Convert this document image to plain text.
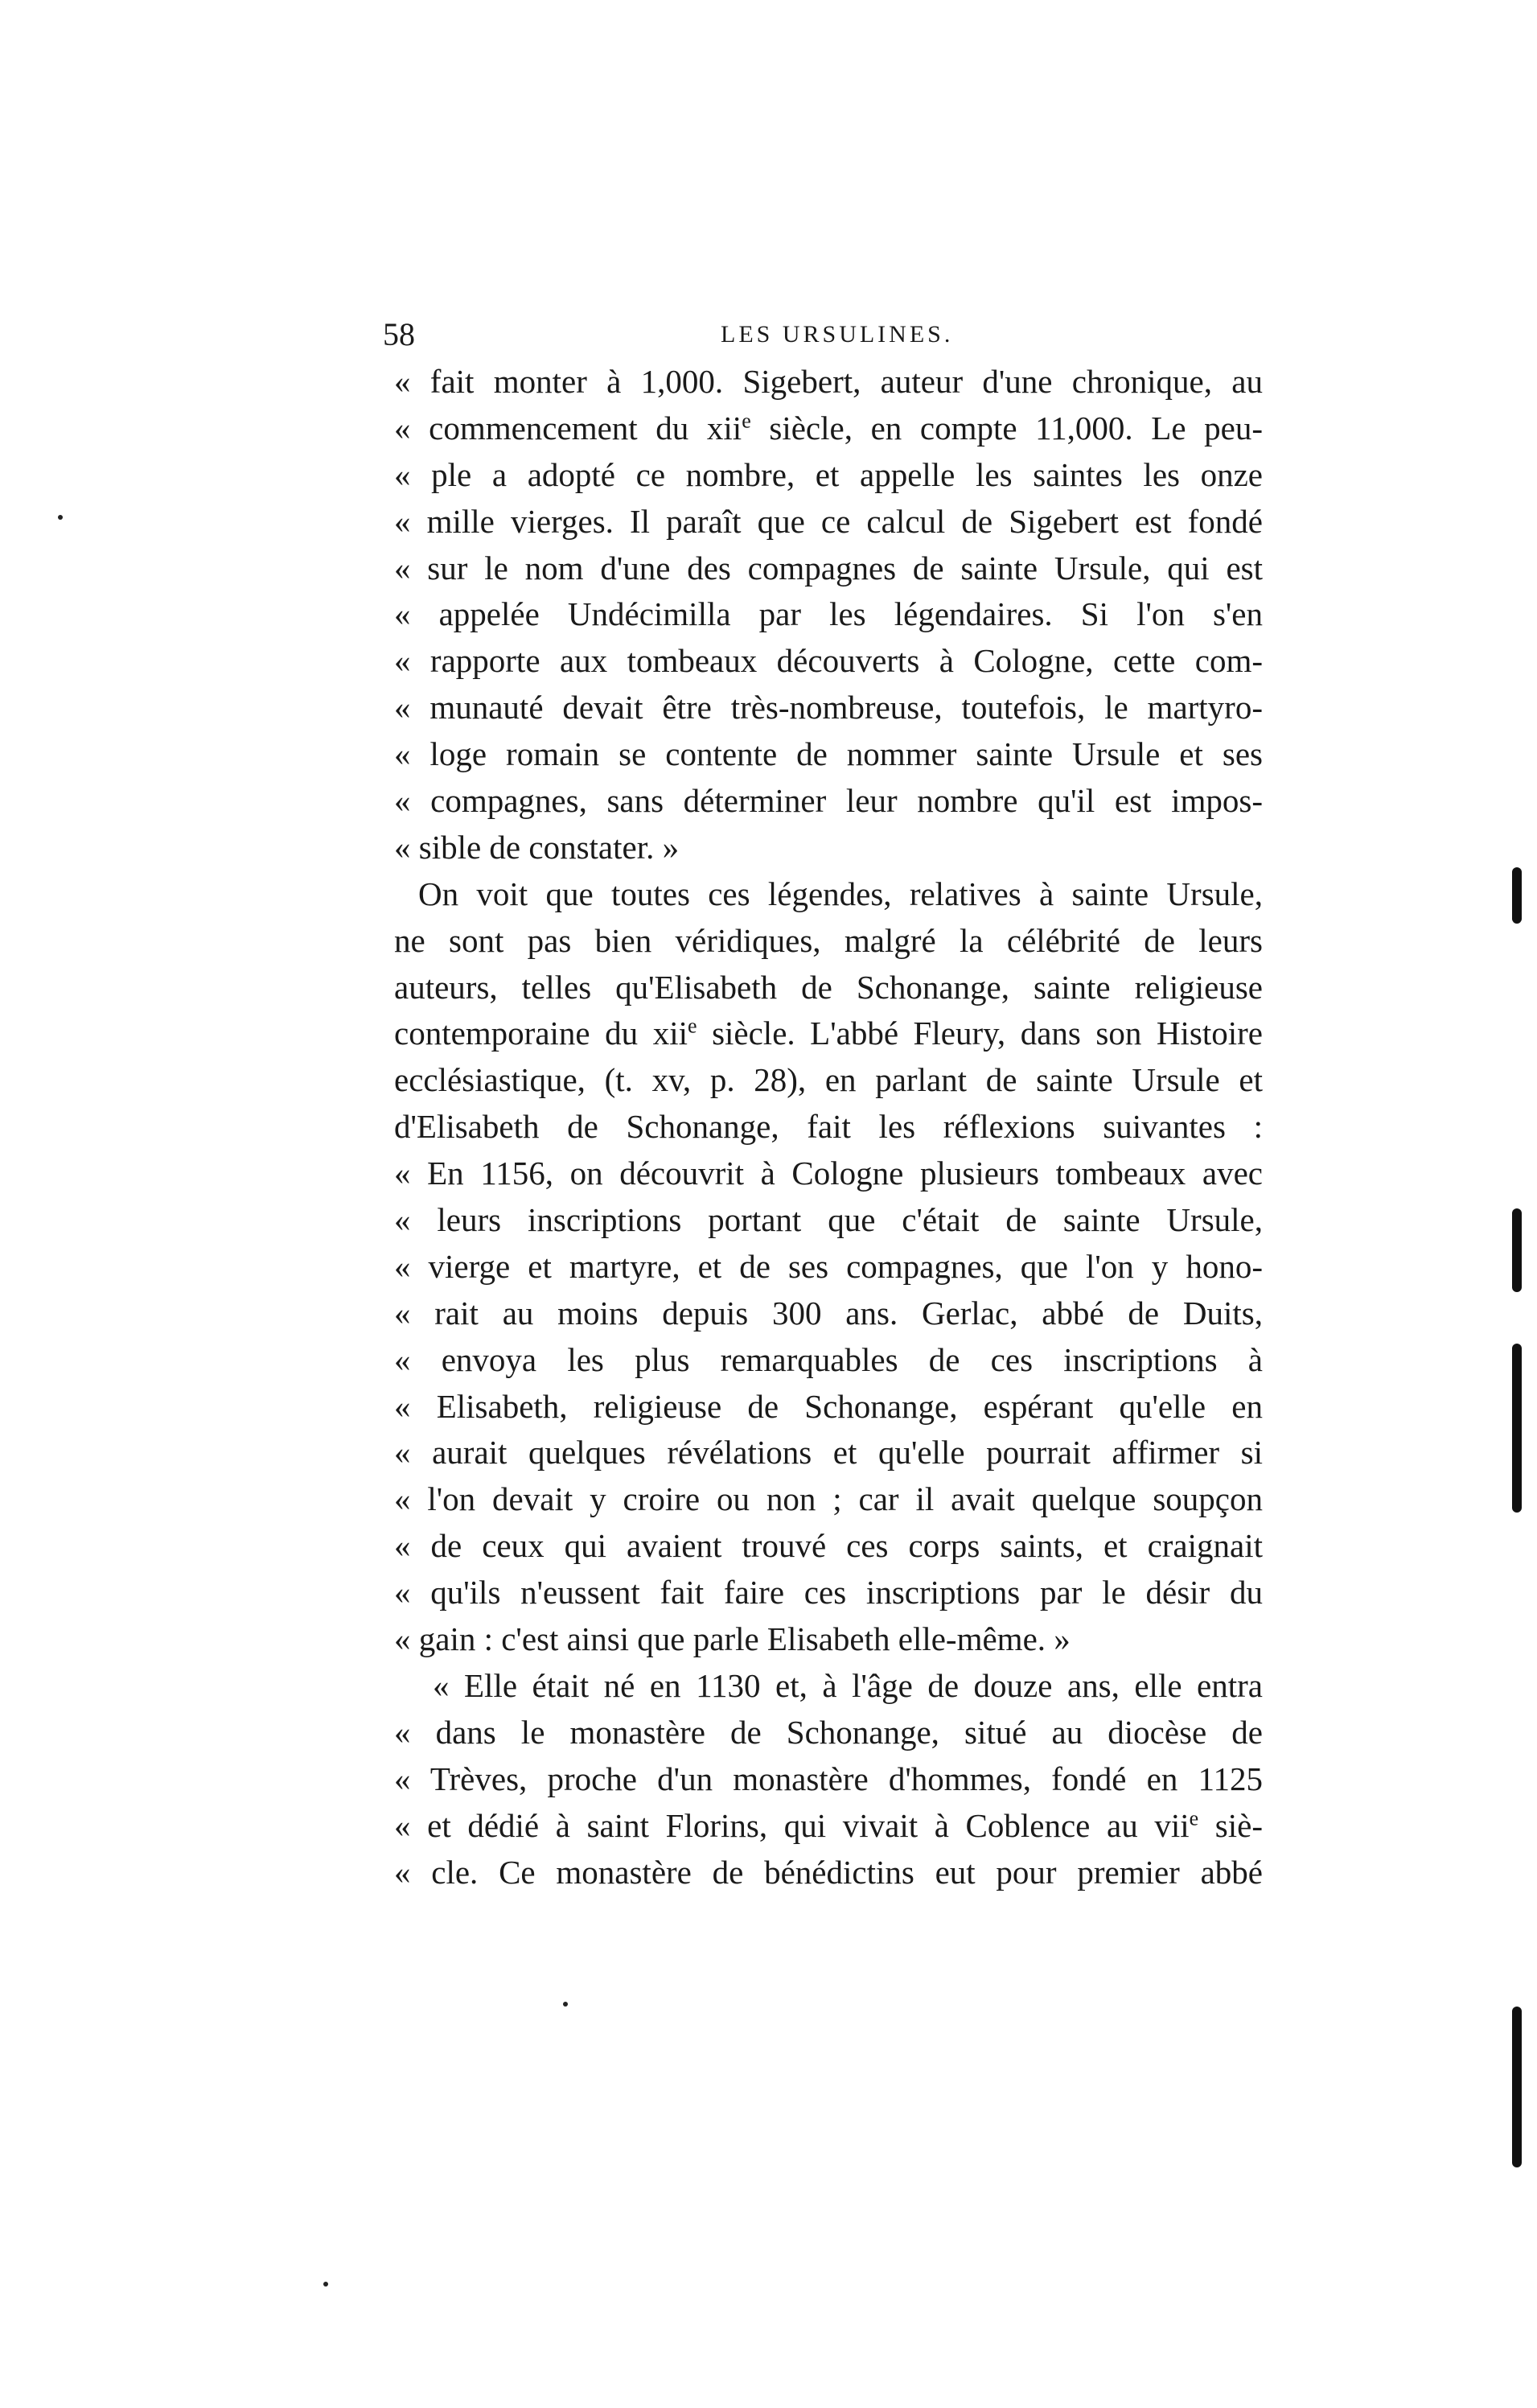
58	LES URSULINES.
« fait monter à 1,000. Sigebert, auteur d'une chronique, au
« commencement du xii$^e$ siècle, en compte 11,000. Le peu-
« ple a adopté ce nombre, et appelle les saintes les onze
« mille vierges. Il paraît que ce calcul de Sigebert est fondé
« sur le nom d'une des compagnes de sainte Ursule, qui est
« appelée Undécimilla par les légendaires. Si l'on s'en
« rapporte aux tombeaux découverts à Cologne, cette com-
« munauté devait être très-nombreuse, toutefois, le martyro-
« loge romain se contente de nommer sainte Ursule et ses
« compagnes, sans déterminer leur nombre qu'il est impos-
« sible de constater. »
On voit que toutes ces légendes, relatives à sainte Ursule,
ne sont pas bien véridiques, malgré la célébrité de leurs
auteurs, telles qu'Elisabeth de Schonange, sainte religieuse
contemporaine du xii$^e$ siècle. L'abbé Fleury, dans son Histoire
ecclésiastique, (t. xv, p. 28), en parlant de sainte Ursule et
d'Elisabeth de Schonange, fait les réflexions suivantes :
« En 1156, on découvrit à Cologne plusieurs tombeaux avec
« leurs inscriptions portant que c'était de sainte Ursule,
« vierge et martyre, et de ses compagnes, que l'on y hono-
« rait au moins depuis 300 ans. Gerlac, abbé de Duits,
« envoya les plus remarquables de ces inscriptions à
« Elisabeth, religieuse de Schonange, espérant qu'elle en
« aurait quelques révélations et qu'elle pourrait affirmer si
« l'on devait y croire ou non ; car il avait quelque soupçon
« de ceux qui avaient trouvé ces corps saints, et craignait
« qu'ils n'eussent fait faire ces inscriptions par le désir du
« gain : c'est ainsi que parle Elisabeth elle-même. »
« Elle était né en 1130 et, à l'âge de douze ans, elle entra
« dans le monastère de Schonange, situé au diocèse de
« Trèves, proche d'un monastère d'hommes, fondé en 1125
« et dédié à saint Florins, qui vivait à Coblence au vii$^e$ siè-
« cle. Ce monastère de bénédictins eut pour premier abbé
